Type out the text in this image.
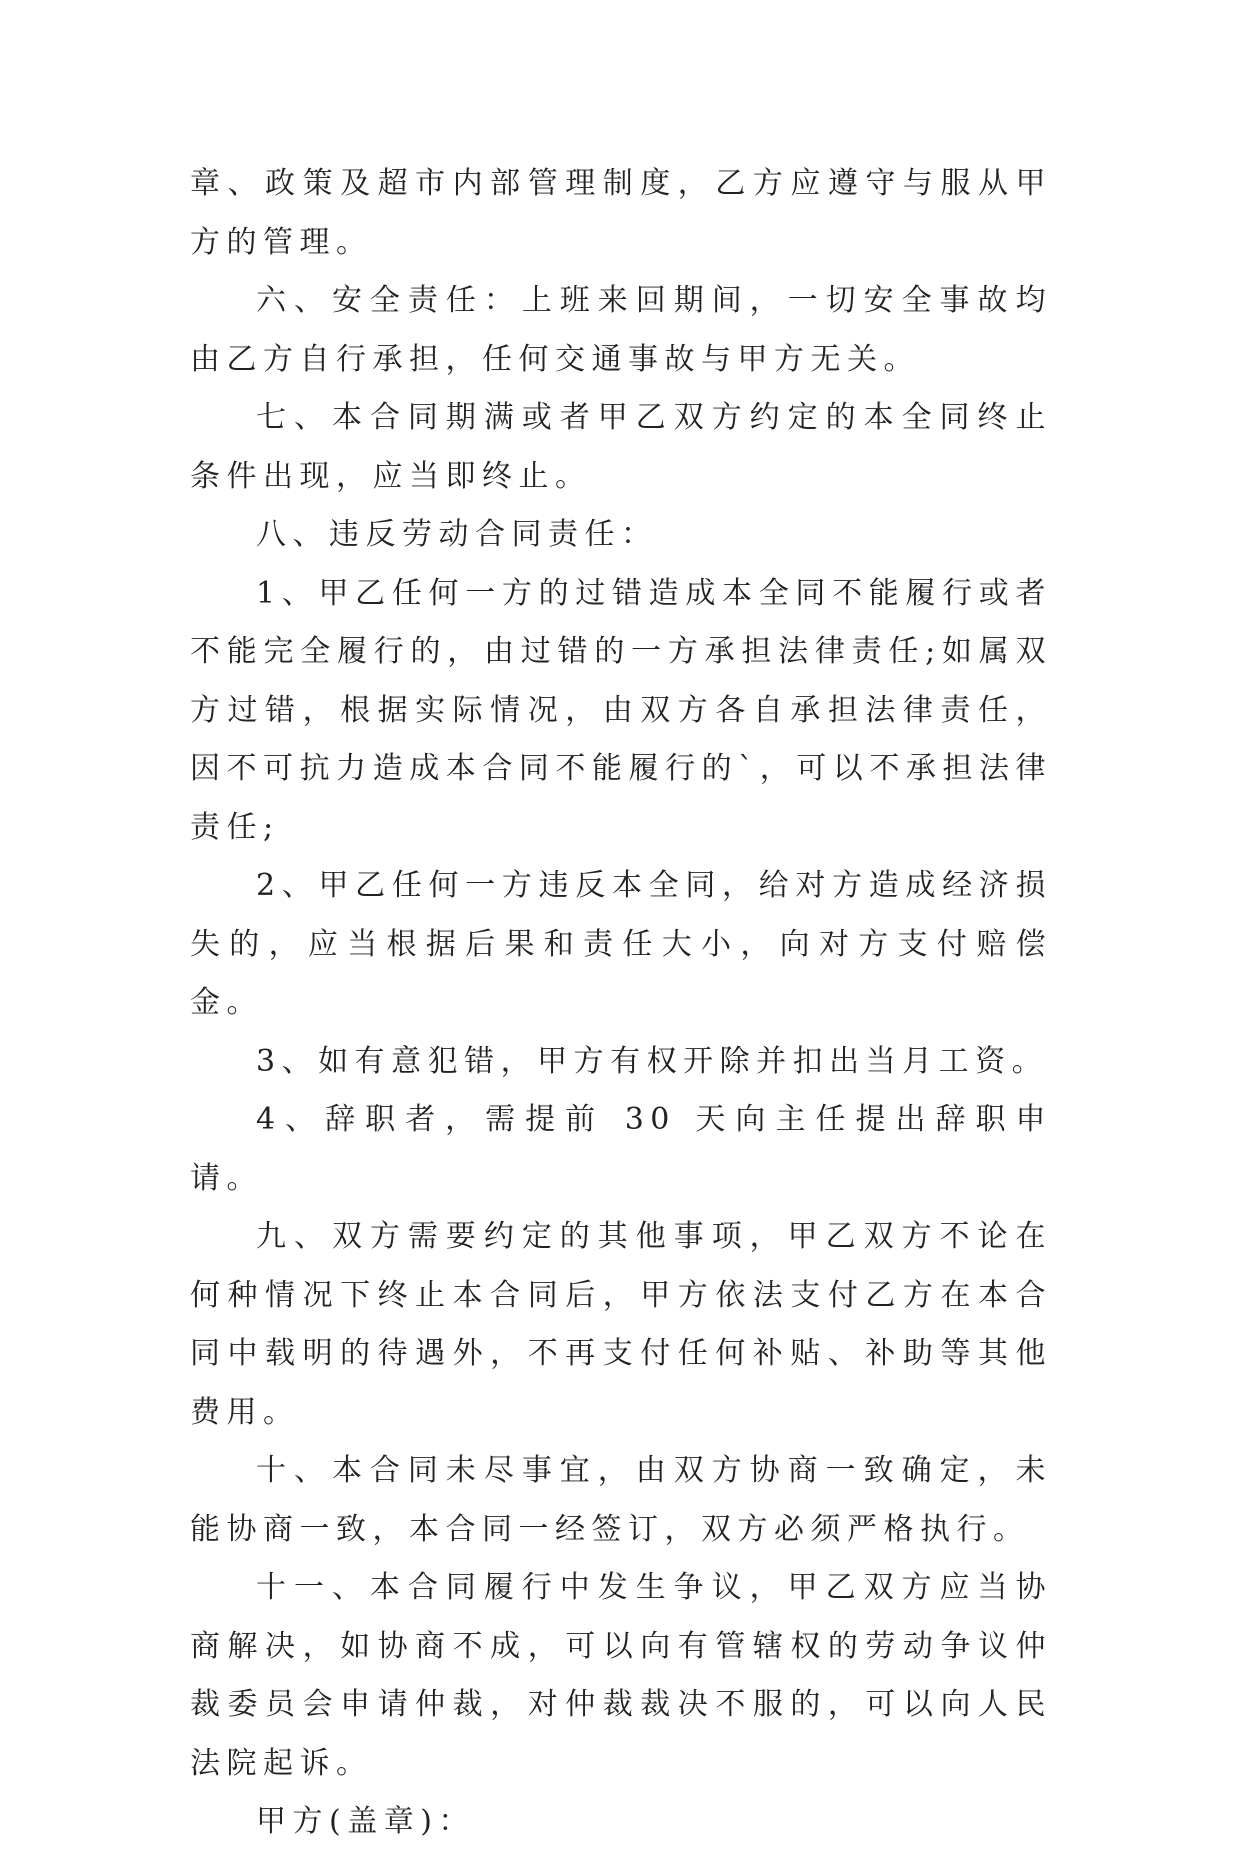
章、政策及超市内部管理制度，乙方应遵守与服从甲方的管理。

六、安全责任：上班来回期间，一切安全事故均由乙方自行承担，任何交通事故与甲方无关。

七、本合同期满或者甲乙双方约定的本全同终止条件出现，应当即终止。

八、违反劳动合同责任：

1、甲乙任何一方的过错造成本全同不能履行或者不能完全履行的，由过错的一方承担法律责任;如属双方过错，根据实际情况，由双方各自承担法律责任，因不可抗力造成本合同不能履行的`，可以不承担法律责任;

2、甲乙任何一方违反本全同，给对方造成经济损失的，应当根据后果和责任大小，向对方支付赔偿金。

3、如有意犯错，甲方有权开除并扣出当月工资。

4、辞职者，需提前 30 天向主任提出辞职申请。

九、双方需要约定的其他事项，甲乙双方不论在何种情况下终止本合同后，甲方依法支付乙方在本合同中载明的待遇外，不再支付任何补贴、补助等其他费用。

十、本合同未尽事宜，由双方协商一致确定，未能协商一致，本合同一经签订，双方必须严格执行。

十一、本合同履行中发生争议，甲乙双方应当协商解决，如协商不成，可以向有管辖权的劳动争议仲裁委员会申请仲裁，对仲裁裁决不服的，可以向人民法院起诉。

甲方(盖章)：
